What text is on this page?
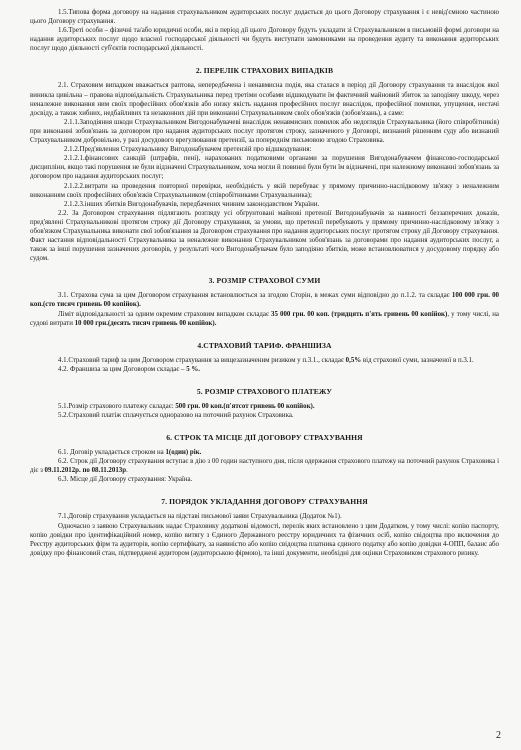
1.5.Типова форма договору на надання страхувальником аудиторських послуг додається до цього Договору страхування і є невід'ємною частиною цього Договору страхування.

1.6.Треті особи – фізичні та/або юридичні особи, які в період дії цього Договору будуть укладати зі Страхувальником в письмовій формі договори на надання аудиторських послуг щодо власної господарської діяльності чи будуть виступати замовниками на проведення аудиту та виконання аудиторських послуг щодо діяльності суб'єктів господарської діяльності.

2. ПЕРЕЛІК СТРАХОВИХ ВИПАДКІВ

2.1. Страховим випадком вважається раптова, непередбачена і ненавмисна подія, яка сталася в період дії Договору страхування та внаслідок якої виникла цивільна – правова відповідальність Страхувальника перед третіми особами відшкодувати їм фактичний майновий збиток за заподіяну шкоду, через неналежне виконання ним своїх професійних обов'язків або низку якість надання професійних послуг внаслідок, професійної помилки, упущення, нестачі досвіду, а також хибних, недбайливих та незаконних дій при виконанні Страхувальником своїх обов'язків (зобов'язань), а саме:

2.1.1.Заподіяння шкоди Страхувальником Вигодонабувачеві внаслідок ненавмисних помилок або недоглядів Страхувальника (його співробітників) при виконанні зобов'язань за договором про надання аудиторських послуг протягом строку, зазначеного у Договорі, визнаний рішенням суду або визнаний Страхувальником добровільно, у разі досудового врегулювання претензії, за попереднім письмовою згодою Страховика.

2.1.2.Пред'явлення Страхувальнику Вигодонабувачем претензій про відшкодування:

2.1.2.1.фінансових санкцій (штрафів, пені), нарахованих податковими органами за порушення Вигодонабувачем фінансово-господарської дисципліни, якщо такі порушення не були відзначені Страхувальником, хоча могли й повинні були бути їм відзначені, при належному виконанні зобов'язань за договором про надання аудиторських послуг;

2.1.2.2.витрати на проведення повторної перевірки, необхідність у якій перебуває у прямому причинно-наслідковому зв'язку з неналежним виконанням своїх професійних обов'язків Страхувальником (співробітниками Страхувальника);

2.1.2.3.інших збитків Вигодонабувачів, передбачених чинним законодавством України.

2.2. За Договором страхування підлягають розгляду усі обґрунтовані майнові претензії Вигодонабувачів за наявності беззаперечних доказів, пред'явлені Страхувальникові протягом строку дії Договору страхування, за умови, що претензії перебувають у прямому причинно-наслідковому зв'язку з обов'язком Страхувальника виконати свої зобов'язання за Договором страхування про надання аудиторських послуг протягом строку дії Договору страхування. Факт настання відповідальності Страхувальника за неналежне виконання Страхувальником зобов'язань за договорами про надання аудиторських послуг, а також за інші порушення зазначених договорів, у результаті чого Вигодонабувачам було заподіяно збитків, може встановлюватися у досудовому порядку або судом.

3. РОЗМІР СТРАХОВОЇ СУМИ

3.1. Страхова сума за цим Договором страхування встановлюється за згодою Сторін, в межах суми відповідно до п.1.2. та складає 100 000 грн. 00 коп.(сто тисяч гривень 00 копійок).

Ліміт відповідальності за одним окремим страховим випадком складає 35 000 грн. 00 коп. (тридцять п'ять гривень 00 копійок), у тому числі, на судові витрати 10 000 грн.(десять тисяч гривень 00 копійок).

4.СТРАХОВИЙ ТАРИФ. ФРАНШИЗА

4.1.Страховий тариф за цим Договором страхування за вищезазначеним ризиком у п.3.1., складає 0,5% від страхової суми, зазначеної в п.3.1.

4.2. Франшиза за цим Договором складає – 5 %.

5. РОЗМІР СТРАХОВОГО ПЛАТЕЖУ

5.1.Розмір страхового платежу складає: 500 грн. 00 коп.(п'ятсот гривень 00 копійок).

5.2.Страховий платіж сплачується одноразово на поточний рахунок Страховика.

6. СТРОК ТА МІСЦЕ ДІЇ ДОГОВОРУ СТРАХУВАННЯ

6.1. Договір укладається строком на 1(один) рік.

6.2. Строк дії Договору страхування вступає в дію з 00 годин наступного дня, після одержання страхового платежу на поточний рахунок Страховика і діє з 09.11.2012р. по 08.11.2013р.

6.3. Місце дії Договору страхування: Україна.

7. ПОРЯДОК УКЛАДАННЯ ДОГОВОРУ СТРАХУВАННЯ

7.1.Договір страхування укладається на підставі письмової заяви Страхувальника (Додаток №1).

Одночасно з заявою Страхувальник надає Страховику додаткові відомості, перелік яких встановлено з цим Додатком, у тому числі: копію паспорту, копію довідки про ідентифікаційний номер, копію витягу з Єдиного Державного реєстру юридичних та фізичних осіб, копію свідоцтва про включення до Реєстру аудиторських фірм та аудиторів, копію сертифікату, за наявністю або копію свідоцтва платника єдиного податку або копію довідки 4-ОПП, баланс або довідку про фінансовий стан, підтверджені аудитором (аудиторською фірмою), та інші документи, необхідні для оцінки Страховиком страхового ризику.

2
